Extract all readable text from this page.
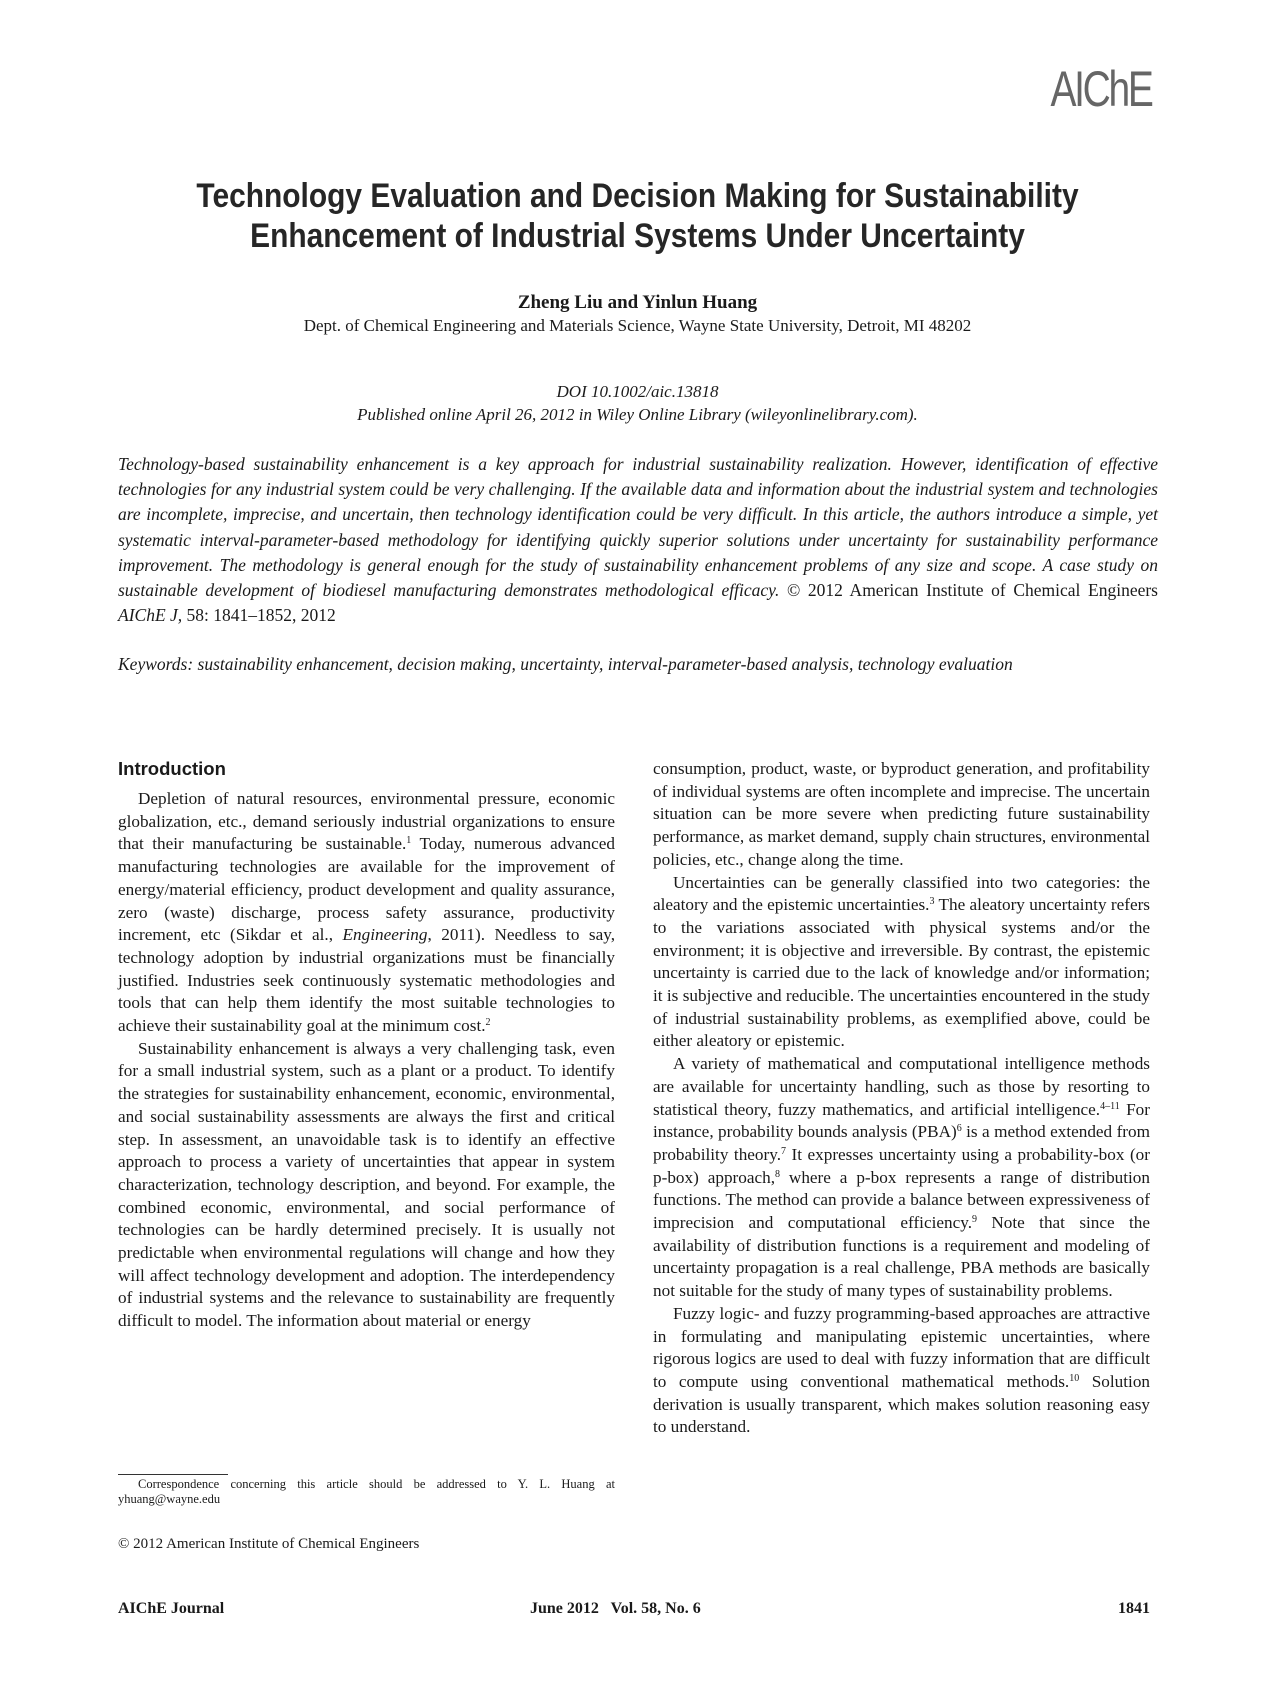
AIChE
Technology Evaluation and Decision Making for Sustainability
Enhancement of Industrial Systems Under Uncertainty
Zheng Liu and Yinlun Huang
Dept. of Chemical Engineering and Materials Science, Wayne State University, Detroit, MI 48202
DOI 10.1002/aic.13818
Published online April 26, 2012 in Wiley Online Library (wileyonlinelibrary.com).
Technology-based sustainability enhancement is a key approach for industrial sustainability realization. However, identification of effective technologies for any industrial system could be very challenging. If the available data and information about the industrial system and technologies are incomplete, imprecise, and uncertain, then technology identification could be very difficult. In this article, the authors introduce a simple, yet systematic interval-parameter-based methodology for identifying quickly superior solutions under uncertainty for sustainability performance improvement. The methodology is general enough for the study of sustainability enhancement problems of any size and scope. A case study on sustainable development of biodiesel manufacturing demonstrates methodological efficacy. © 2012 American Institute of Chemical Engineers AIChE J, 58: 1841–1852, 2012
Keywords: sustainability enhancement, decision making, uncertainty, interval-parameter-based analysis, technology evaluation
Introduction

Depletion of natural resources, environmental pressure, economic globalization, etc., demand seriously industrial organizations to ensure that their manufacturing be sustainable.$^1$ Today, numerous advanced manufacturing technologies are available for the improvement of energy/material efficiency, product development and quality assurance, zero (waste) discharge, process safety assurance, productivity increment, etc (Sikdar et al., Engineering, 2011). Needless to say, technology adoption by industrial organizations must be financially justified. Industries seek continuously systematic methodologies and tools that can help them identify the most suitable technologies to achieve their sustainability goal at the minimum cost.$^2$

Sustainability enhancement is always a very challenging task, even for a small industrial system, such as a plant or a product. To identify the strategies for sustainability enhancement, economic, environmental, and social sustainability assessments are always the first and critical step. In assessment, an unavoidable task is to identify an effective approach to process a variety of uncertainties that appear in system characterization, technology description, and beyond. For example, the combined economic, environmental, and social performance of technologies can be hardly determined precisely. It is usually not predictable when environmental regulations will change and how they will affect technology development and adoption. The interdependency of industrial systems and the relevance to sustainability are frequently difficult to model. The information about material or energy

consumption, product, waste, or byproduct generation, and profitability of individual systems are often incomplete and imprecise. The uncertain situation can be more severe when predicting future sustainability performance, as market demand, supply chain structures, environmental policies, etc., change along the time.

Uncertainties can be generally classified into two categories: the aleatory and the epistemic uncertainties.$^3$ The aleatory uncertainty refers to the variations associated with physical systems and/or the environment; it is objective and irreversible. By contrast, the epistemic uncertainty is carried due to the lack of knowledge and/or information; it is subjective and reducible. The uncertainties encountered in the study of industrial sustainability problems, as exemplified above, could be either aleatory or epistemic.

A variety of mathematical and computational intelligence methods are available for uncertainty handling, such as those by resorting to statistical theory, fuzzy mathematics, and artificial intelligence.$^{4-11}$ For instance, probability bounds analysis (PBA)$^6$ is a method extended from probability theory.$^7$ It expresses uncertainty using a probability-box (or p-box) approach,$^8$ where a p-box represents a range of distribution functions. The method can provide a balance between expressiveness of imprecision and computational efficiency.$^9$ Note that since the availability of distribution functions is a requirement and modeling of uncertainty propagation is a real challenge, PBA methods are basically not suitable for the study of many types of sustainability problems.

Fuzzy logic- and fuzzy programming-based approaches are attractive in formulating and manipulating epistemic uncertainties, where rigorous logics are used to deal with fuzzy information that are difficult to compute using conventional mathematical methods.$^{10}$ Solution derivation is usually transparent, which makes solution reasoning easy to understand.

Correspondence concerning this article should be addressed to Y. L. Huang at yhuang@wayne.edu
© 2012 American Institute of Chemical Engineers
AIChE Journal	June 2012   Vol. 58, No. 6	1841
